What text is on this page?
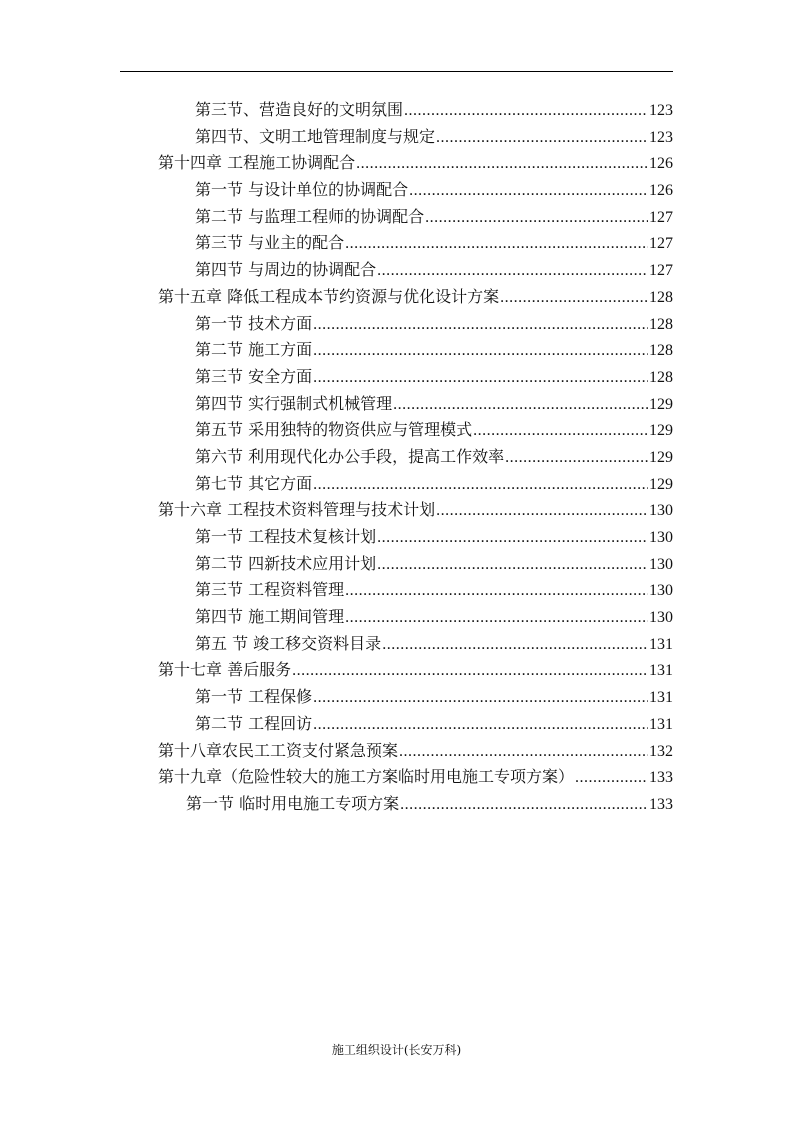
第三节、营造良好的文明氛围 .....	123
第四节、文明工地管理制度与规定 .....	123
第十四章 工程施工协调配合 .....	126
第一节 与设计单位的协调配合 .....	126
第二节 与监理工程师的协调配合 .....	127
第三节 与业主的配合 .....	127
第四节 与周边的协调配合 .....	127
第十五章 降低工程成本节约资源与优化设计方案 .....	128
第一节 技术方面 .....	128
第二节 施工方面 .....	128
第三节 安全方面 .....	128
第四节 实行强制式机械管理 .....	129
第五节 采用独特的物资供应与管理模式 .....	129
第六节 利用现代化办公手段，提高工作效率 .....	129
第七节 其它方面 .....	129
第十六章 工程技术资料管理与技术计划 .....	130
第一节 工程技术复核计划 .....	130
第二节 四新技术应用计划 .....	130
第三节 工程资料管理 .....	130
第四节 施工期间管理 .....	130
第五 节 竣工移交资料目录 .....	131
第十七章 善后服务 .....	131
第一节 工程保修 .....	131
第二节 工程回访 .....	131
第十八章农民工工资支付紧急预案 .....	132
第十九章（危险性较大的施工方案临时用电施工专项方案） .....	133
第一节 临时用电施工专项方案 .....	133
施工组织设计(长安万科)
